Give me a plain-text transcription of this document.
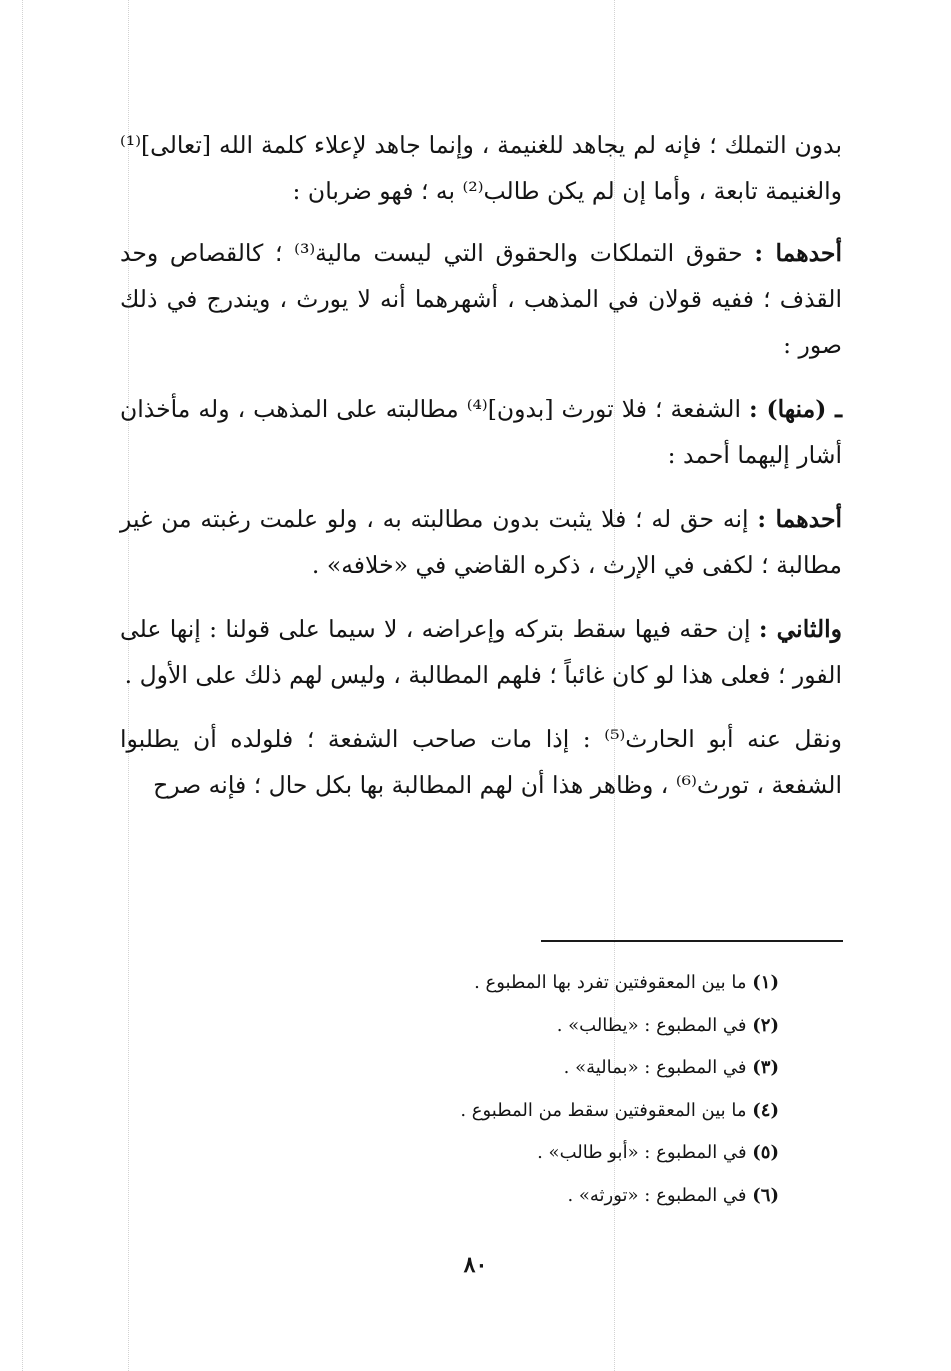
بدون التملك ؛ فإنه لم يجاهد للغنيمة ، وإنما جاهد لإعلاء كلمة الله [تعالى]⁽¹⁾ والغنيمة تابعة ، وأما إن لم يكن طالب⁽²⁾ به ؛ فهو ضربان :

أحدهما : حقوق التملكات والحقوق التي ليست مالية⁽³⁾ ؛ كالقصاص وحد القذف ؛ ففيه قولان في المذهب ، أشهرهما أنه لا يورث ، ويندرج في ذلك صور :

ـ (منها) : الشفعة ؛ فلا تورث [بدون]⁽⁴⁾ مطالبته على المذهب ، وله مأخذان أشار إليهما أحمد :

أحدهما : إنه حق له ؛ فلا يثبت بدون مطالبته به ، ولو علمت رغبته من غير مطالبة ؛ لكفى في الإرث ، ذكره القاضي في «خلافه» .

والثاني : إن حقه فيها سقط بتركه وإعراضه ، لا سيما على قولنا : إنها على الفور ؛ فعلى هذا لو كان غائباً ؛ فلهم المطالبة ، وليس لهم ذلك على الأول .

ونقل عنه أبو الحارث⁽⁵⁾ : إذا مات صاحب الشفعة ؛ فلولده أن يطلبوا الشفعة ، تورث⁽⁶⁾ ، وظاهر هذا أن لهم المطالبة بها بكل حال ؛ فإنه صرح

(١) ما بين المعقوفتين تفرد بها المطبوع .
(٢) في المطبوع : «يطالب» .
(٣) في المطبوع : «بمالية» .
(٤) ما بين المعقوفتين سقط من المطبوع .
(٥) في المطبوع : «أبو طالب» .
(٦) في المطبوع : «تورثه» .
٨٠
